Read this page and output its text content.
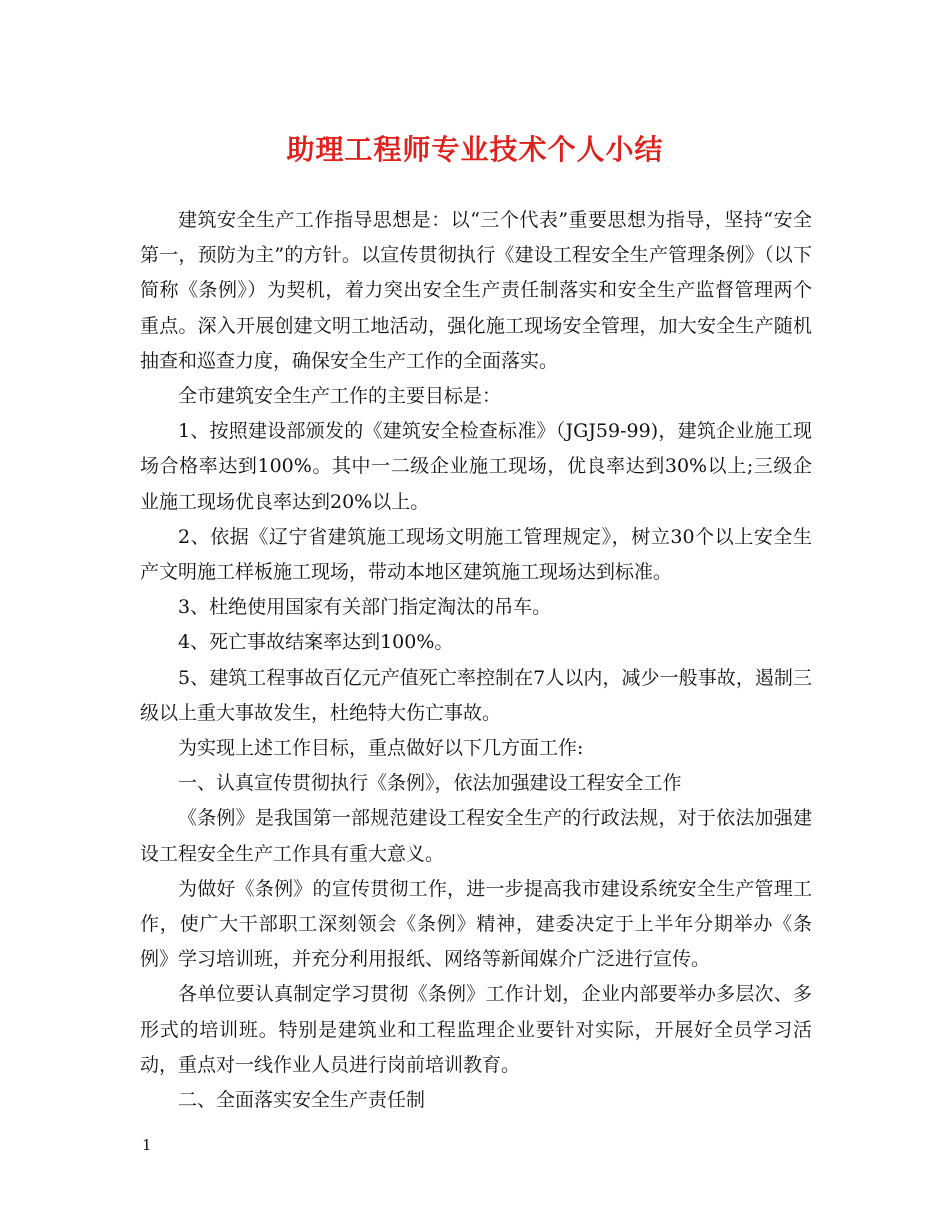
助理工程师专业技术个人小结

建筑安全生产工作指导思想是：以“三个代表”重要思想为指导，坚持“安全第一，预防为主”的方针。以宣传贯彻执行《建设工程安全生产管理条例》（以下简称《条例》）为契机，着力突出安全生产责任制落实和安全生产监督管理两个重点。深入开展创建文明工地活动，强化施工现场安全管理，加大安全生产随机抽查和巡查力度，确保安全生产工作的全面落实。

全市建筑安全生产工作的主要目标是：

1、按照建设部颁发的《建筑安全检查标准》（JGJ59-99)，建筑企业施工现场合格率达到100%。其中一二级企业施工现场，优良率达到30%以上;三级企业施工现场优良率达到20%以上。

2、依据《辽宁省建筑施工现场文明施工管理规定》，树立30个以上安全生产文明施工样板施工现场，带动本地区建筑施工现场达到标准。

3、杜绝使用国家有关部门指定淘汰的吊车。

4、死亡事故结案率达到100%。

5、建筑工程事故百亿元产值死亡率控制在7人以内，减少一般事故，遏制三级以上重大事故发生，杜绝特大伤亡事故。

为实现上述工作目标，重点做好以下几方面工作:

一、认真宣传贯彻执行《条例》，依法加强建设工程安全工作

《条例》是我国第一部规范建设工程安全生产的行政法规，对于依法加强建设工程安全生产工作具有重大意义。

为做好《条例》的宣传贯彻工作，进一步提高我市建设系统安全生产管理工作，使广大干部职工深刻领会《条例》精神，建委决定于上半年分期举办《条例》学习培训班，并充分利用报纸、网络等新闻媒介广泛进行宣传。

各单位要认真制定学习贯彻《条例》工作计划，企业内部要举办多层次、多形式的培训班。特别是建筑业和工程监理企业要针对实际，开展好全员学习活动，重点对一线作业人员进行岗前培训教育。

二、全面落实安全生产责任制

1
